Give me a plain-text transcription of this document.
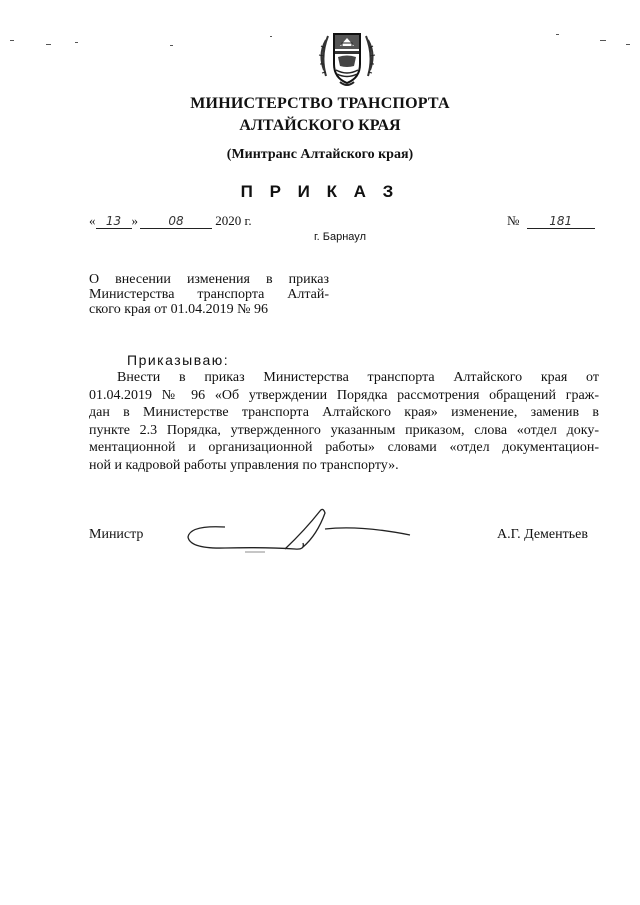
МИНИСТЕРСТВО ТРАНСПОРТА
АЛТАЙСКОГО КРАЯ
(Минтранс Алтайского края)
П Р И К А З
« 13 »	08 2020 г.	№ 181
г. Барнаул
О внесении изменения в приказ
Министерства транспорта Алтай-
ского края от 01.04.2019 № 96
Приказываю:
Внести в приказ Министерства транспорта Алтайского края от
01.04.2019 № 96 «Об утверждении Порядка рассмотрения обращений граж-
дан в Министерстве транспорта Алтайского края» изменение, заменив в
пункте 2.3 Порядка, утвержденного указанным приказом, слова «отдел доку-
ментационной и организационной работы» словами «отдел документацион-
ной и кадровой работы управления по транспорту».
Министр	А.Г. Дементьев
